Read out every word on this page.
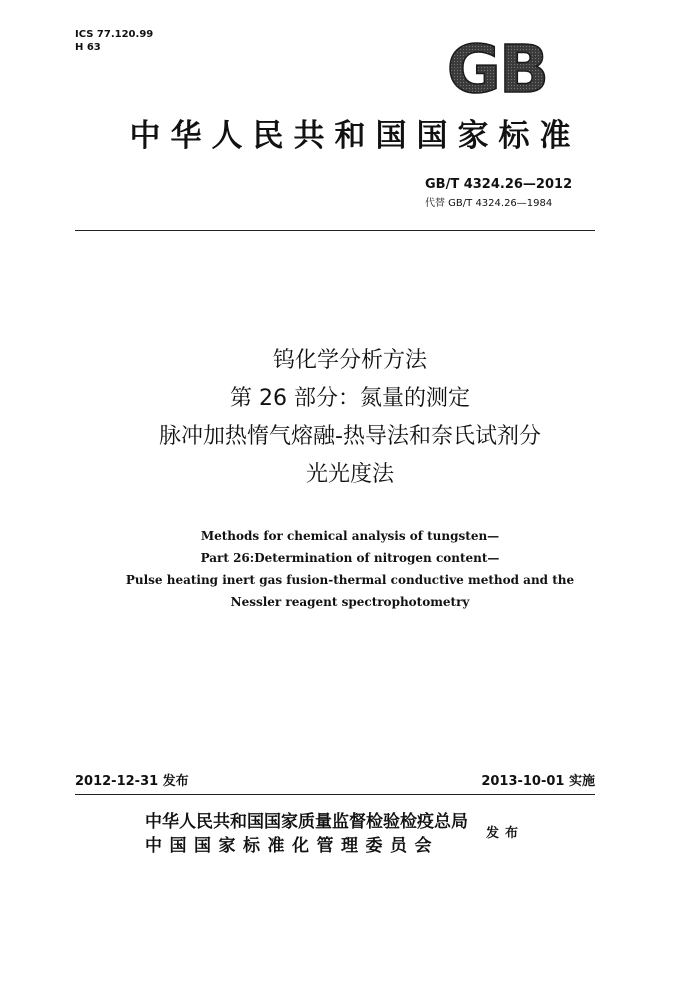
ICS 77.120.99
H 63	GB
中华人民共和国国家标准
GB/T 4324.26—2012
代替 GB/T 4324.26—1984
钨化学分析方法
第 26 部分：氮量的测定
脉冲加热惰气熔融-热导法和奈氏试剂分
光光度法
Methods for chemical analysis of tungsten—
Part 26:Determination of nitrogen content—
Pulse heating inert gas fusion-thermal conductive method and the
Nessler reagent spectrophotometry
2012-12-31 发布	2013-10-01 实施
中华人民共和国国家质量监督检验检疫总局
中国国家标准化管理委员会
发布
